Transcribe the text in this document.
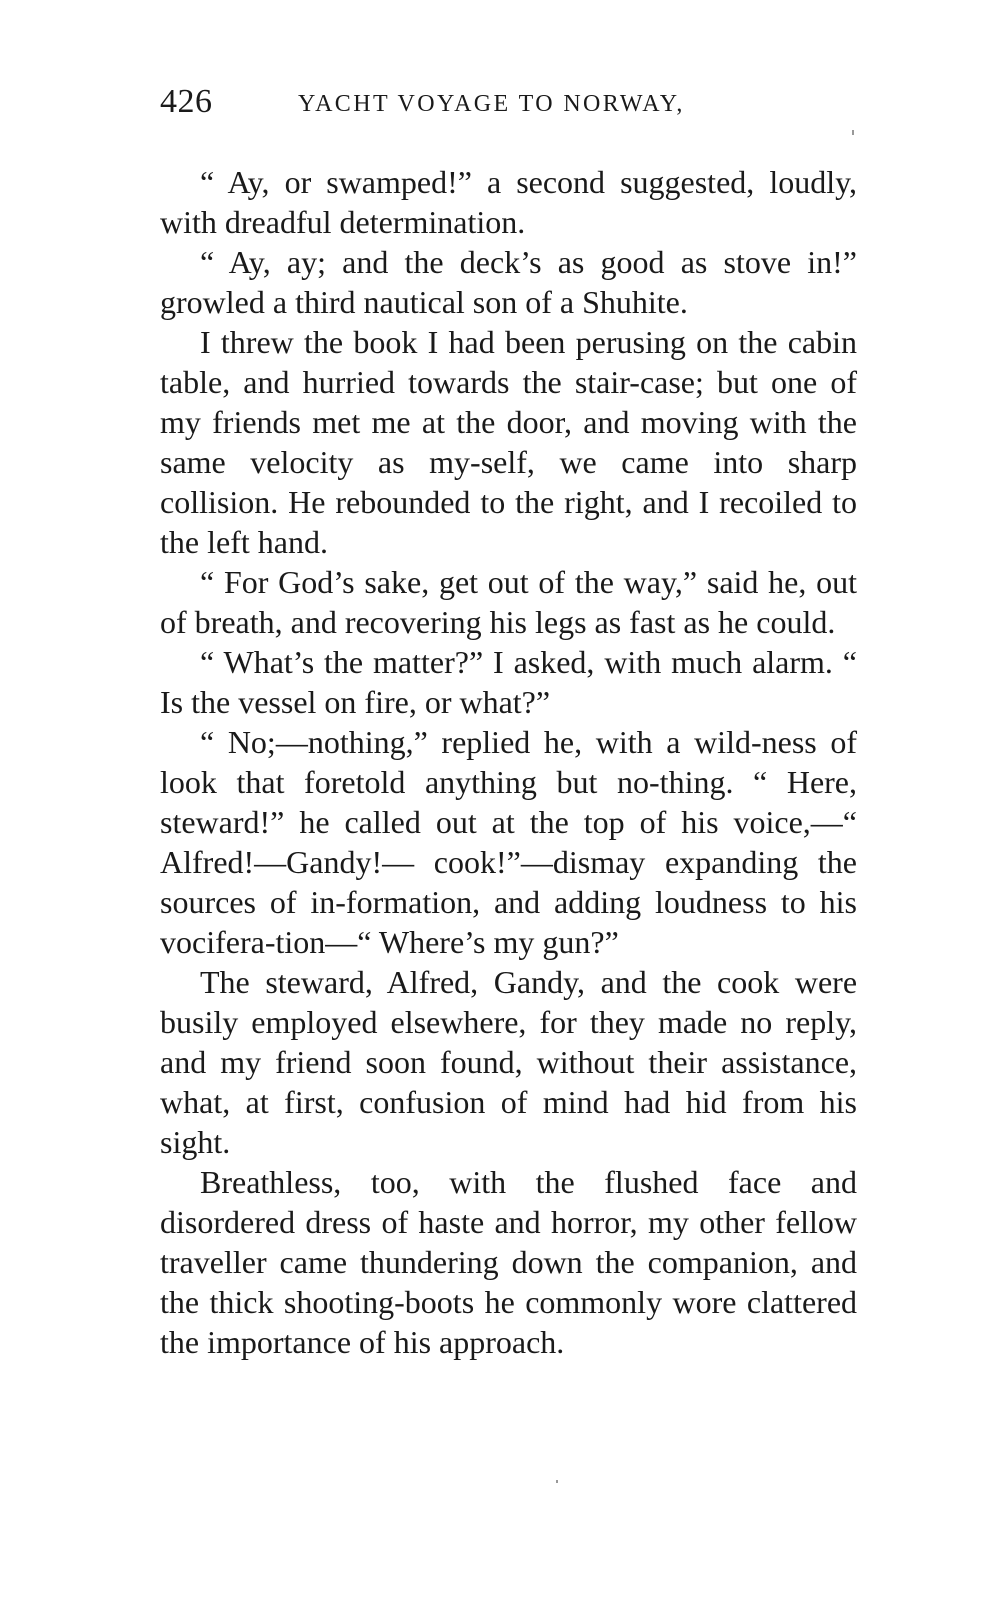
426	YACHT VOYAGE TO NORWAY,

“ Ay, or swamped!” a second suggested, loudly, with dreadful determination.

“ Ay, ay; and the deck’s as good as stove in!” growled a third nautical son of a Shuhite.

I threw the book I had been perusing on the cabin table, and hurried towards the stair-case; but one of my friends met me at the door, and moving with the same velocity as my-self, we came into sharp collision. He rebounded to the right, and I recoiled to the left hand.

“ For God’s sake, get out of the way,” said he, out of breath, and recovering his legs as fast as he could.

“ What’s the matter?” I asked, with much alarm. “ Is the vessel on fire, or what?”

“ No;—nothing,” replied he, with a wild-ness of look that foretold anything but no-thing. “ Here, steward!” he called out at the top of his voice,—“ Alfred!—Gandy!— cook!”—dismay expanding the sources of in-formation, and adding loudness to his vocifera-tion—“ Where’s my gun?”

The steward, Alfred, Gandy, and the cook were busily employed elsewhere, for they made no reply, and my friend soon found, without their assistance, what, at first, confusion of mind had hid from his sight.

Breathless, too, with the flushed face and disordered dress of haste and horror, my other fellow traveller came thundering down the companion, and the thick shooting-boots he commonly wore clattered the importance of his approach.
